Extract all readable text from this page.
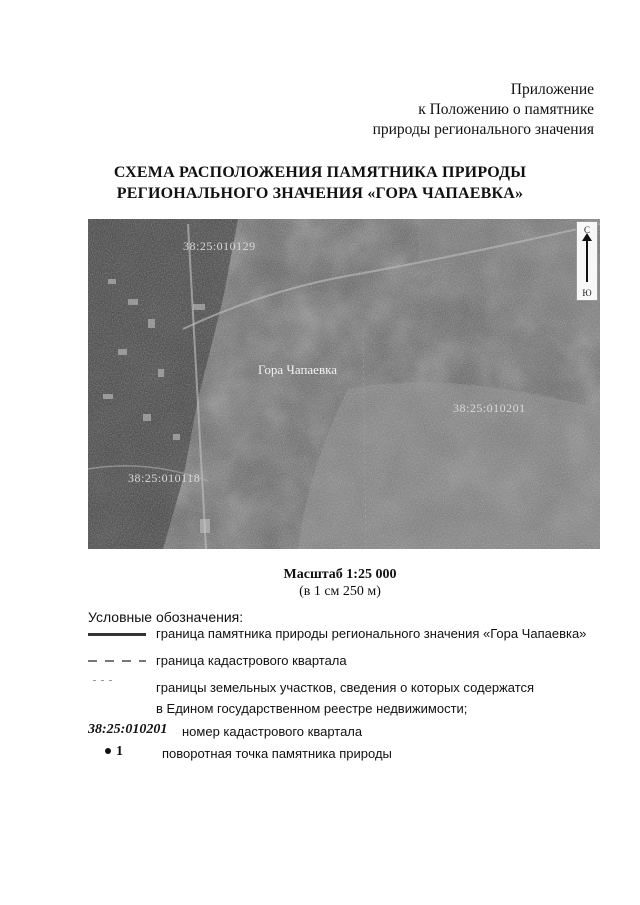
Приложение
к Положению о памятнике
природы регионального значения
СХЕМА РАСПОЛОЖЕНИЯ ПАМЯТНИКА ПРИРОДЫ
РЕГИОНАЛЬНОГО ЗНАЧЕНИЯ «ГОРА ЧАПАЕВКА»
38:25:010129
38:25:010118
38:25:010201
Гора Чапаевка
С
Ю
Масштаб 1:25 000
(в 1 см 250 м)
Условные обозначения:
граница памятника природы регионального значения «Гора Чапаевка»
граница кадастрового квартала
границы земельных участков, сведения о которых содержатся
в Едином государственном реестре недвижимости;
38:25:010201 номер кадастрового квартала
1	поворотная точка памятника природы
